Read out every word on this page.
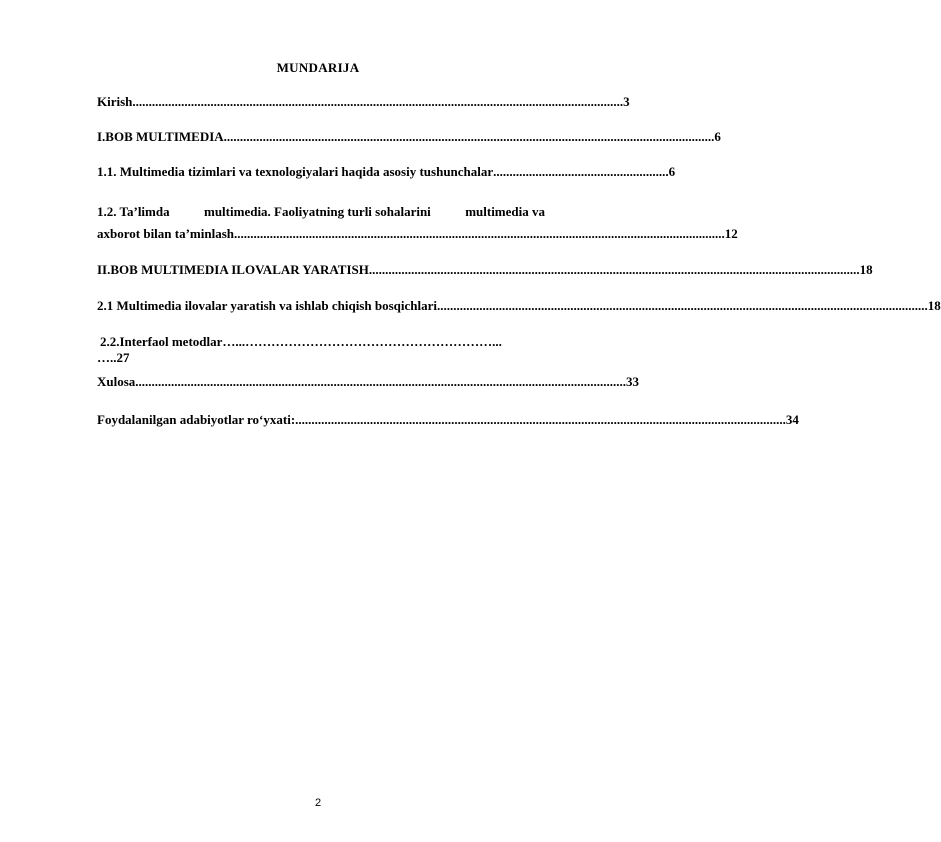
MUNDARIJA
Kirish ....................................................................................................................................................... 3
I.BOB MULTIMEDIA ....................................................................................................................................................... 6
1.1. Multimedia tizimlari va texnologiyalari haqida asosiy tushunchalar ...................................................... 6
1.2. Ta’limda	multimedia. Faoliyatning turli sohalarini	multimedia va
axborot bilan ta’minlash ....................................................................................................................................................... 12
II.BOB MULTIMEDIA ILOVALAR YARATISH ....................................................................................................................................................... 18
2.1 Multimedia ilovalar yaratish va ishlab chiqish bosqichlari ....................................................................................................................................................... 18
2.2.Interfaol metodlar…...…………………………………………………...
…..27
Xulosa ....................................................................................................................................................... 33
Foydalanilgan adabiyotlar ro‘yxati: ....................................................................................................................................................... 34
2
